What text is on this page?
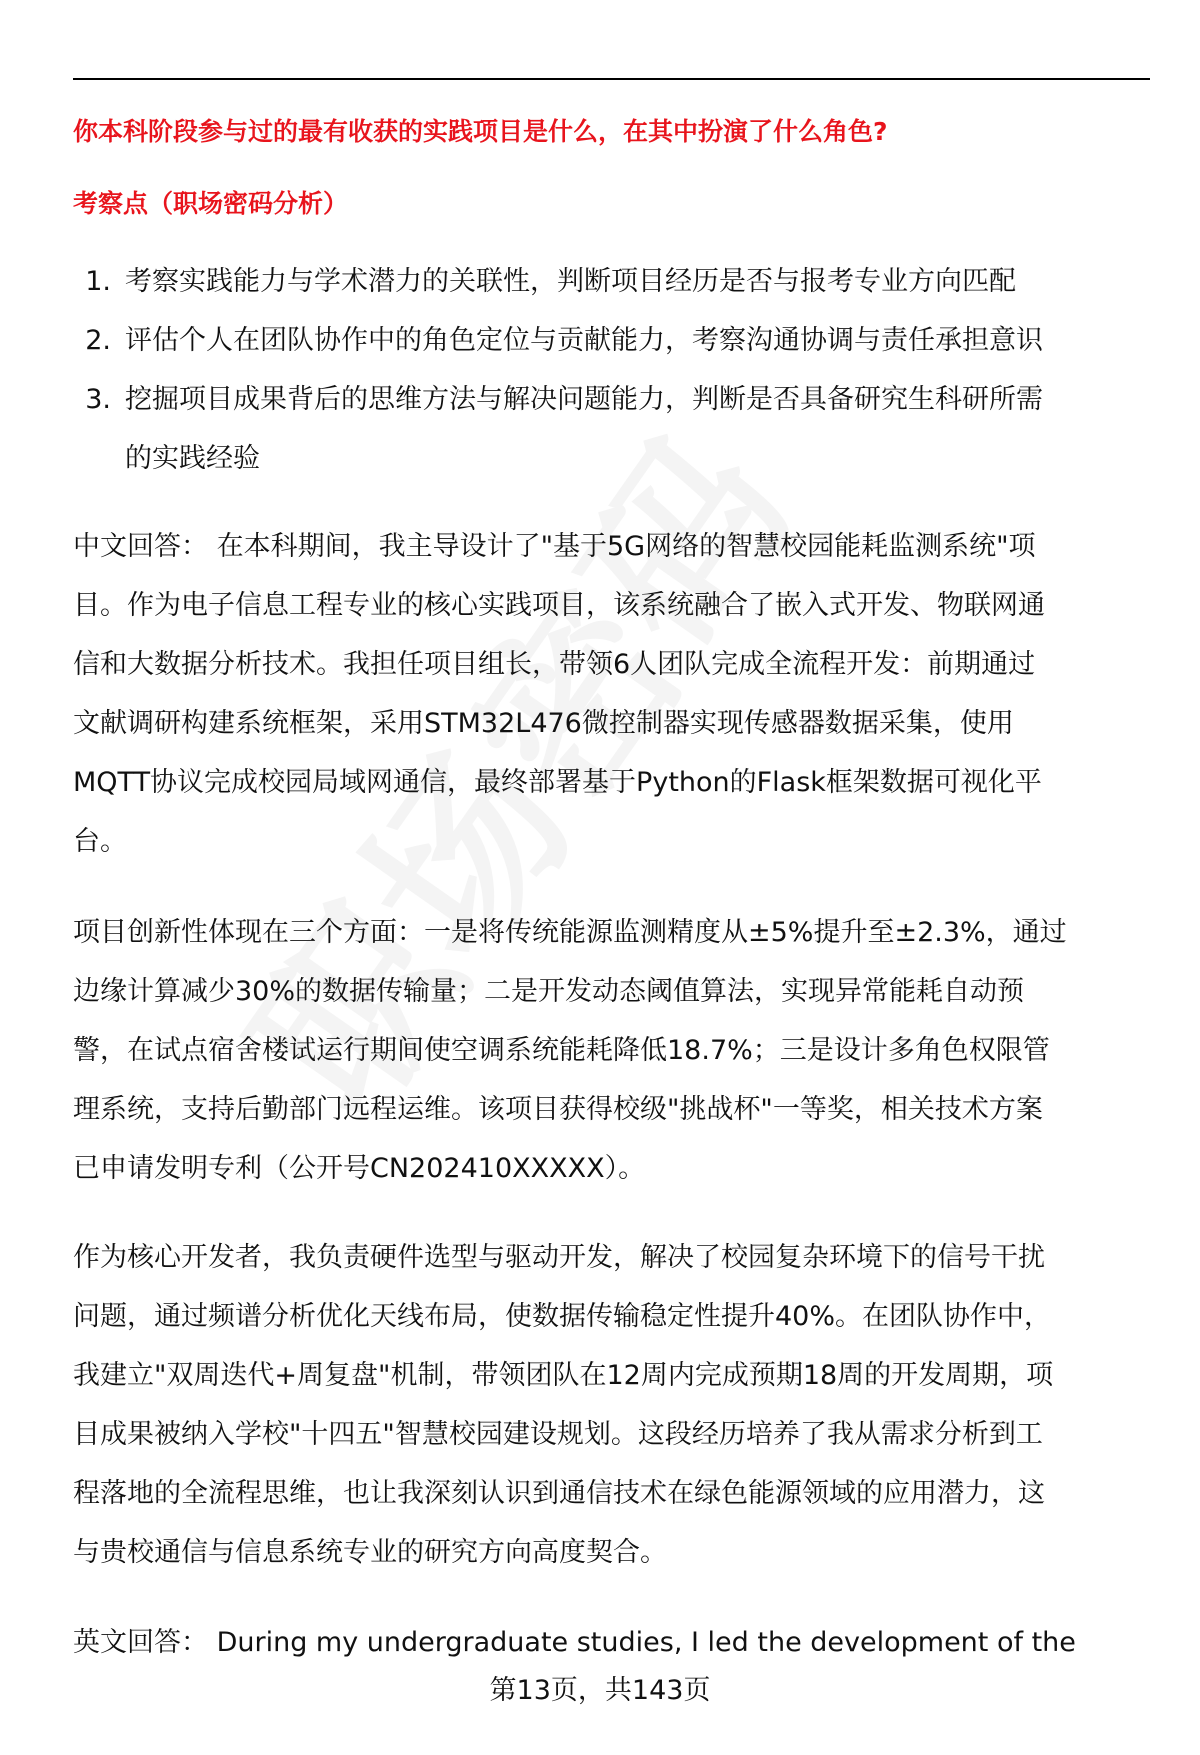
你本科阶段参与过的最有收获的实践项目是什么，在其中扮演了什么角色?
考察点（职场密码分析）
1. 考察实践能力与学术潜力的关联性，判断项目经历是否与报考专业方向匹配
2. 评估个人在团队协作中的角色定位与贡献能力，考察沟通协调与责任承担意识
3. 挖掘项目成果背后的思维方法与解决问题能力，判断是否具备研究生科研所需
的实践经验
中文回答： 在本科期间，我主导设计了"基于5G网络的智慧校园能耗监测系统"项
目。作为电子信息工程专业的核心实践项目，该系统融合了嵌入式开发、物联网通
信和大数据分析技术。我担任项目组长，带领6人团队完成全流程开发：前期通过
文献调研构建系统框架，采用STM32L476微控制器实现传感器数据采集，使用
MQTT协议完成校园局域网通信，最终部署基于Python的Flask框架数据可视化平
台。
项目创新性体现在三个方面：一是将传统能源监测精度从±5%提升至±2.3%，通过
边缘计算减少30%的数据传输量；二是开发动态阈值算法，实现异常能耗自动预
警，在试点宿舍楼试运行期间使空调系统能耗降低18.7%；三是设计多角色权限管
理系统，支持后勤部门远程运维。该项目获得校级"挑战杯"一等奖，相关技术方案
已申请发明专利（公开号CN202410XXXXX）。
作为核心开发者，我负责硬件选型与驱动开发，解决了校园复杂环境下的信号干扰
问题，通过频谱分析优化天线布局，使数据传输稳定性提升40%。在团队协作中，
我建立"双周迭代+周复盘"机制，带领团队在12周内完成预期18周的开发周期，项
目成果被纳入学校"十四五"智慧校园建设规划。这段经历培养了我从需求分析到工
程落地的全流程思维，也让我深刻认识到通信技术在绿色能源领域的应用潜力，这
与贵校通信与信息系统专业的研究方向高度契合。
英文回答： During my undergraduate studies, I led the development of the
第13页，共143页
